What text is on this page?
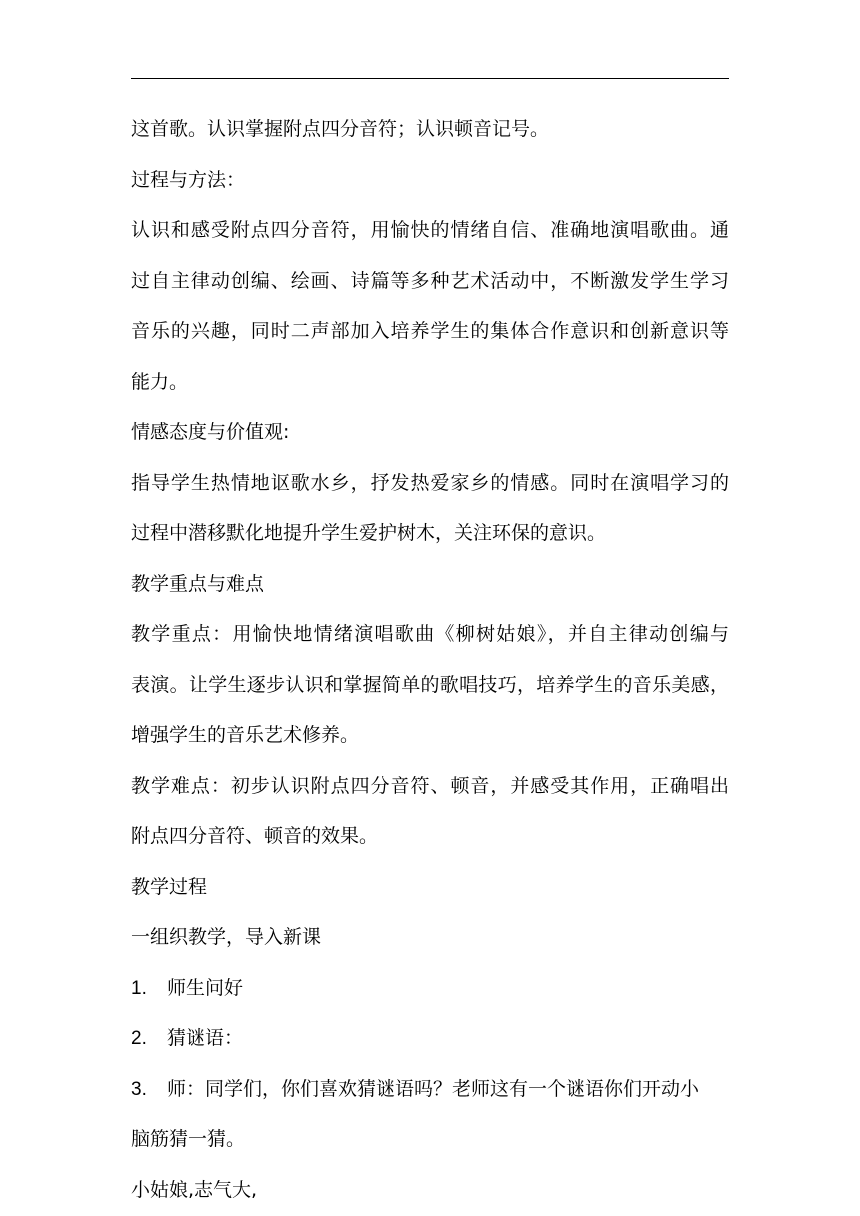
这首歌。认识掌握附点四分音符；认识顿音记号。
过程与方法：
认识和感受附点四分音符，用愉快的情绪自信、准确地演唱歌曲。通
过自主律动创编、绘画、诗篇等多种艺术活动中，不断激发学生学习
音乐的兴趣，同时二声部加入培养学生的集体合作意识和创新意识等
能力。
情感态度与价值观:
指导学生热情地讴歌水乡，抒发热爱家乡的情感。同时在演唱学习的
过程中潜移默化地提升学生爱护树木，关注环保的意识。
教学重点与难点
教学重点：用愉快地情绪演唱歌曲《柳树姑娘》，并自主律动创编与
表演。让学生逐步认识和掌握简单的歌唱技巧，培养学生的音乐美感，
增强学生的音乐艺术修养。
教学难点：初步认识附点四分音符、顿音，并感受其作用，正确唱出
附点四分音符、顿音的效果。
教学过程
一组织教学，导入新课
1. 师生问好
2. 猜谜语：
3. 师：同学们，你们喜欢猜谜语吗？老师这有一个谜语你们开动小
脑筋猜一猜。
小姑娘,志气大,
